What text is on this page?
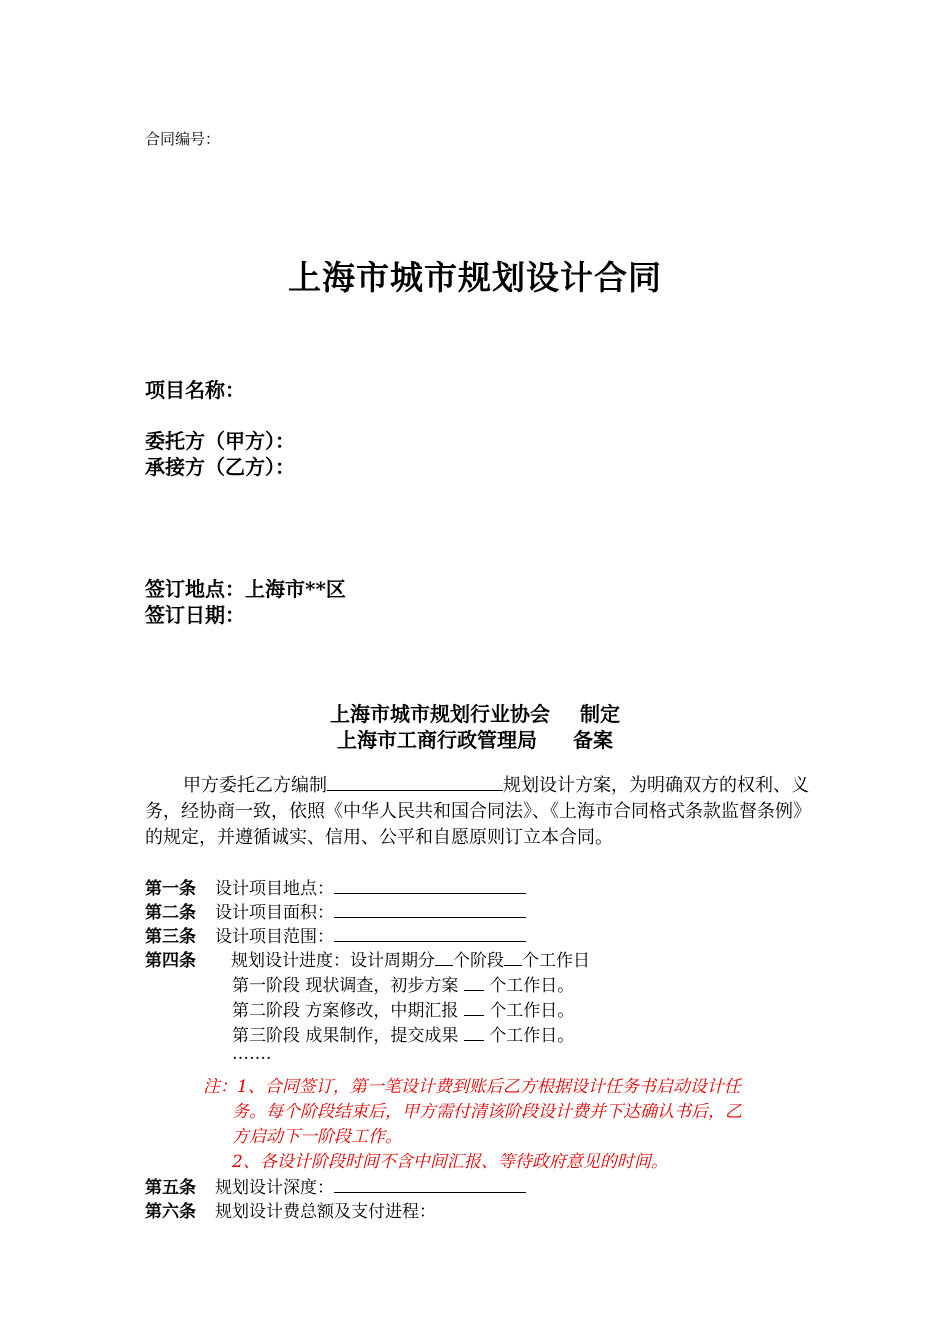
合同编号：
上海市城市规划设计合同
项目名称：
委托方（甲方）：
承接方（乙方）：
签订地点：上海市**区
签订日期：
上海市城市规划行业协会 制定
上海市工商行政管理局 备案
甲方委托乙方编制	规划设计方案，为明确双方的权利、义务，经协商一致，依照《中华人民共和国合同法》、《上海市合同格式条款监督条例》的规定，并遵循诚实、信用、公平和自愿原则订立本合同。
第一条 设计项目地点：
第二条 设计项目面积：
第三条 设计项目范围：
第四条 规划设计进度：设计周期分 个阶段 个工作日
第一阶段 现状调查，初步方案  个工作日。
第二阶段 方案修改，中期汇报  个工作日。
第三阶段 成果制作，提交成果  个工作日。
…….
注：1、合同签订，第一笔设计费到账后乙方根据设计任务书启动设计任
务。每个阶段结束后，甲方需付清该阶段设计费并下达确认书后，乙
方启动下一阶段工作。
2、各设计阶段时间不含中间汇报、等待政府意见的时间。
第五条 规划设计深度：
第六条 规划设计费总额及支付进程：
